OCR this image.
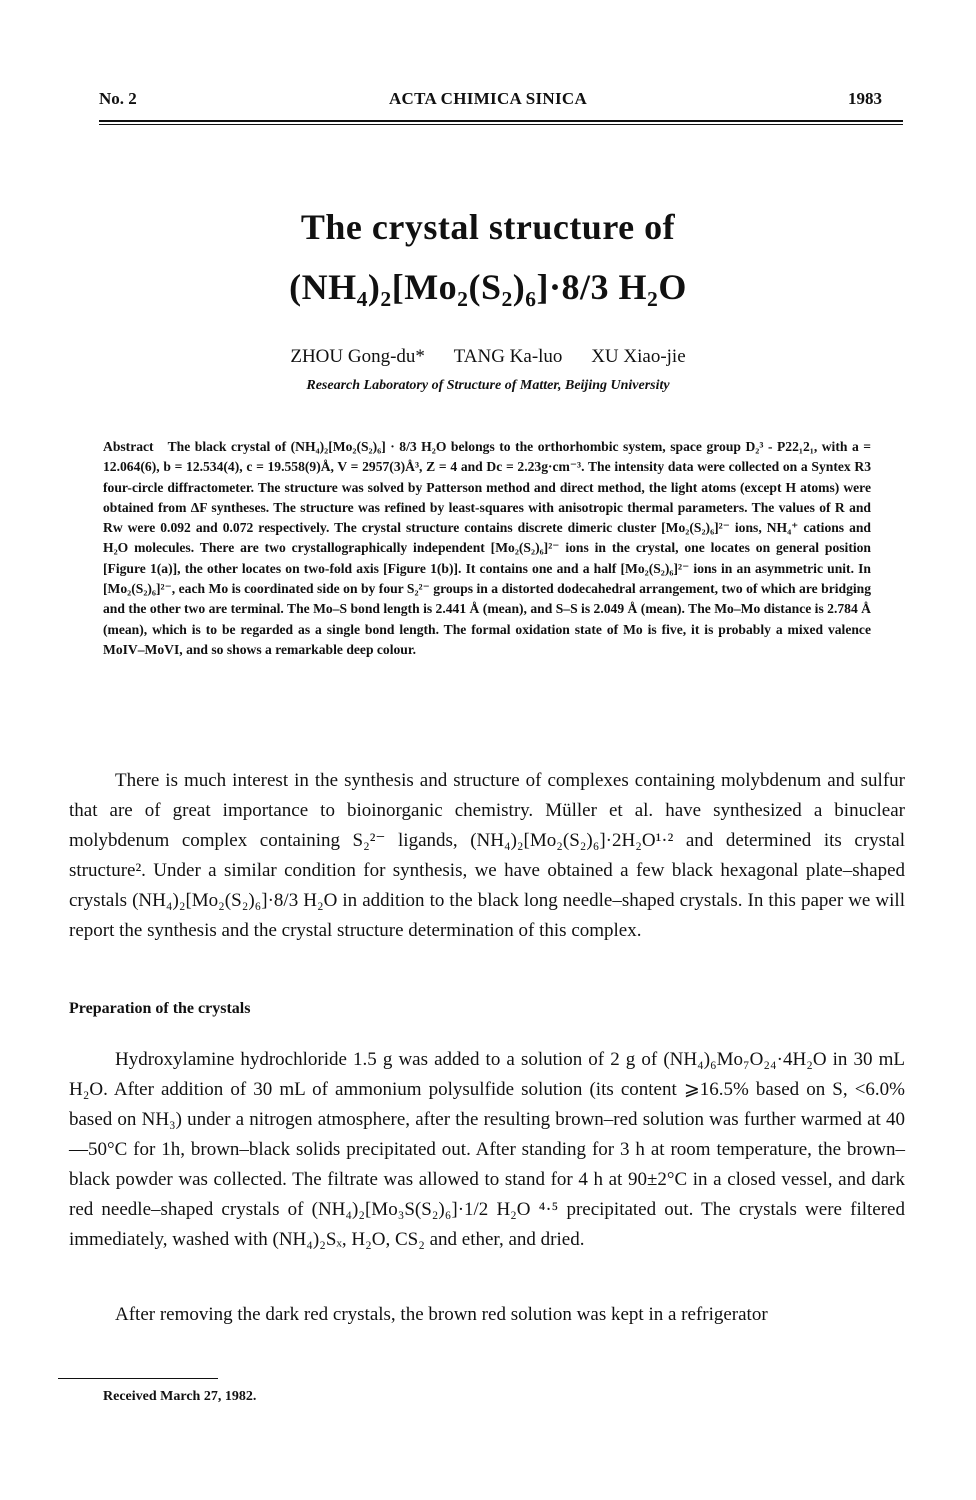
No. 2	ACTA CHIMICA SINICA	1983
The crystal structure of
(NH₄)₂[Mo₂(S₂)₆]·8/3 H₂O
ZHOU Gong-du* TANG Ka-luo XU Xiao-jie
Research Laboratory of Structure of Matter, Beijing University
Abstract The black crystal of (NH₄)₂[Mo₂(S₂)₆] · 8/3 H₂O belongs to the orthorhombic system, space group D₂³ - P22₁2₁, with a = 12.064(6), b = 12.534(4), c = 19.558(9)Å, V = 2957(3)Å³, Z = 4 and Dc = 2.23g·cm⁻³. The intensity data were collected on a Syntex R3 four-circle diffractometer. The structure was solved by Patterson method and direct method, the light atoms (except H atoms) were obtained from ΔF syntheses. The structure was refined by least-squares with anisotropic thermal parameters. The values of R and Rw were 0.092 and 0.072 respectively. The crystal structure contains discrete dimeric cluster [Mo₂(S₂)₆]²⁻ ions, NH₄⁺ cations and H₂O molecules. There are two crystallographically independent [Mo₂(S₂)₆]²⁻ ions in the crystal, one locates on general position [Figure 1(a)], the other locates on two-fold axis [Figure 1(b)]. It contains one and a half [Mo₂(S₂)₆]²⁻ ions in an asymmetric unit. In [Mo₂(S₂)₆]²⁻, each Mo is coordinated side on by four S₂²⁻ groups in a distorted dodecahedral arrangement, two of which are bridging and the other two are terminal. The Mo–S bond length is 2.441 Å (mean), and S–S is 2.049 Å (mean). The Mo–Mo distance is 2.784 Å (mean), which is to be regarded as a single bond length. The formal oxidation state of Mo is five, it is probably a mixed valence MoIV–MoVI, and so shows a remarkable deep colour.
There is much interest in the synthesis and structure of complexes containing molybdenum and sulfur that are of great importance to bioinorganic chemistry. Müller et al. have synthesized a binuclear molybdenum complex containing S₂²⁻ ligands, (NH₄)₂[Mo₂(S₂)₆]·2H₂O¹·² and determined its crystal structure². Under a similar condition for synthesis, we have obtained a few black hexagonal plate–shaped crystals (NH₄)₂[Mo₂(S₂)₆]·8/3 H₂O in addition to the black long needle–shaped crystals. In this paper we will report the synthesis and the crystal structure determination of this complex.
Preparation of the crystals
Hydroxylamine hydrochloride 1.5 g was added to a solution of 2 g of (NH₄)₆Mo₇O₂₄·4H₂O in 30 mL H₂O. After addition of 30 mL of ammonium polysulfide solution (its content ⩾16.5% based on S, <6.0% based on NH₃) under a nitrogen atmosphere, after the resulting brown–red solution was further warmed at 40—50°C for 1h, brown–black solids precipitated out. After standing for 3 h at room temperature, the brown–black powder was collected. The filtrate was allowed to stand for 4 h at 90±2°C in a closed vessel, and dark red needle–shaped crystals of (NH₄)₂[Mo₃S(S₂)₆]·1/2 H₂O ⁴·⁵ precipitated out. The crystals were filtered immediately, washed with (NH₄)₂Sₓ, H₂O, CS₂ and ether, and dried.
After removing the dark red crystals, the brown red solution was kept in a refrigerator
Received March 27, 1982.
